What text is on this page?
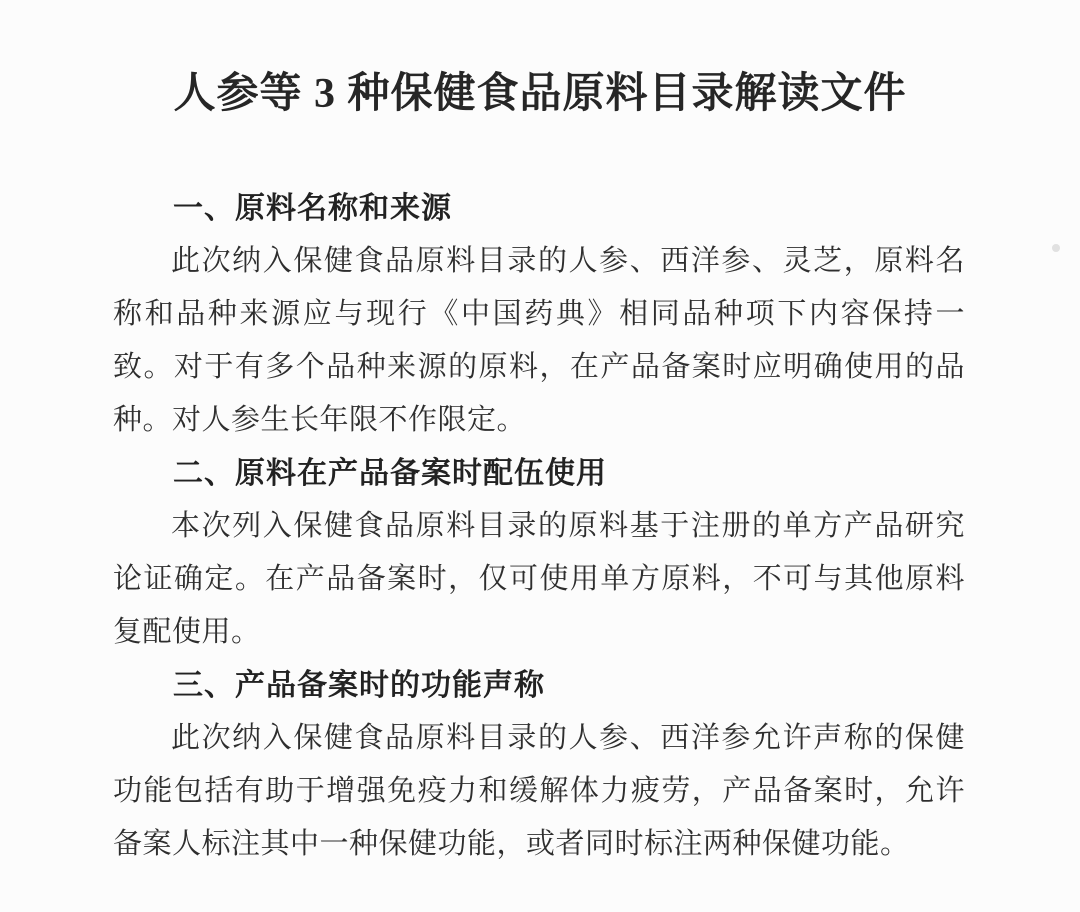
人参等 3 种保健食品原料目录解读文件
一、原料名称和来源

此次纳入保健食品原料目录的人参、西洋参、灵芝，原料名称和品种来源应与现行《中国药典》相同品种项下内容保持一致。对于有多个品种来源的原料，在产品备案时应明确使用的品种。对人参生长年限不作限定。

二、原料在产品备案时配伍使用

本次列入保健食品原料目录的原料基于注册的单方产品研究论证确定。在产品备案时，仅可使用单方原料，不可与其他原料复配使用。

三、产品备案时的功能声称

此次纳入保健食品原料目录的人参、西洋参允许声称的保健功能包括有助于增强免疫力和缓解体力疲劳，产品备案时，允许备案人标注其中一种保健功能，或者同时标注两种保健功能。
